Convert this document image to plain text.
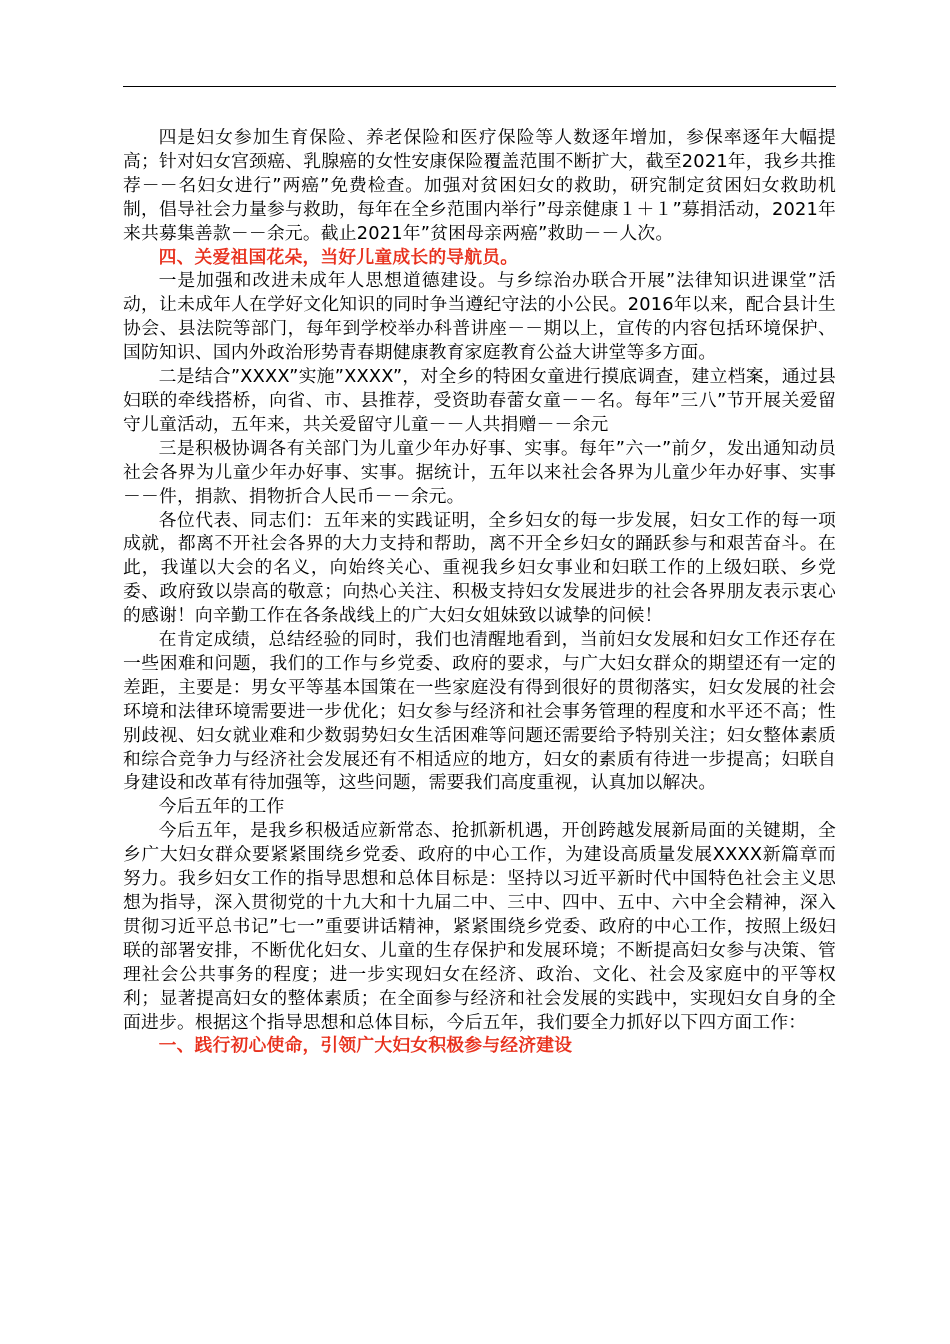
四是妇女参加生育保险、养老保险和医疗保险等人数逐年增加，参保率逐年大幅提高；针对妇女宫颈癌、乳腺癌的女性安康保险覆盖范围不断扩大，截至2021年，我乡共推荐－－名妇女进行”两癌”免费检查。加强对贫困妇女的救助，研究制定贫困妇女救助机制，倡导社会力量参与救助，每年在全乡范围内举行”母亲健康１＋１”募捐活动，2021年来共募集善款－－余元。截止2021年”贫困母亲两癌”救助－－人次。

四、关爱祖国花朵，当好儿童成长的导航员。

一是加强和改进未成年人思想道德建设。与乡综治办联合开展”法律知识进课堂”活动，让未成年人在学好文化知识的同时争当遵纪守法的小公民。2016年以来，配合县计生协会、县法院等部门，每年到学校举办科普讲座－－期以上，宣传的内容包括环境保护、国防知识、国内外政治形势青春期健康教育家庭教育公益大讲堂等多方面。

二是结合”XXXX”实施”XXXX”，对全乡的特困女童进行摸底调查，建立档案，通过县妇联的牵线搭桥，向省、市、县推荐，受资助春蕾女童－－名。每年”三八”节开展关爱留守儿童活动，五年来，共关爱留守儿童－－人共捐赠－－余元

三是积极协调各有关部门为儿童少年办好事、实事。每年”六一”前夕，发出通知动员社会各界为儿童少年办好事、实事。据统计，五年以来社会各界为儿童少年办好事、实事－－件，捐款、捐物折合人民币－－余元。

各位代表、同志们：五年来的实践证明，全乡妇女的每一步发展，妇女工作的每一项成就，都离不开社会各界的大力支持和帮助，离不开全乡妇女的踊跃参与和艰苦奋斗。在此，我谨以大会的名义，向始终关心、重视我乡妇女事业和妇联工作的上级妇联、乡党委、政府致以崇高的敬意；向热心关注、积极支持妇女发展进步的社会各界朋友表示衷心的感谢！向辛勤工作在各条战线上的广大妇女姐妹致以诚挚的问候！

在肯定成绩，总结经验的同时，我们也清醒地看到，当前妇女发展和妇女工作还存在一些困难和问题，我们的工作与乡党委、政府的要求，与广大妇女群众的期望还有一定的差距，主要是：男女平等基本国策在一些家庭没有得到很好的贯彻落实，妇女发展的社会环境和法律环境需要进一步优化；妇女参与经济和社会事务管理的程度和水平还不高；性别歧视、妇女就业难和少数弱势妇女生活困难等问题还需要给予特别关注；妇女整体素质和综合竞争力与经济社会发展还有不相适应的地方，妇女的素质有待进一步提高；妇联自身建设和改革有待加强等，这些问题，需要我们高度重视，认真加以解决。

今后五年的工作

今后五年，是我乡积极适应新常态、抢抓新机遇，开创跨越发展新局面的关键期，全乡广大妇女群众要紧紧围绕乡党委、政府的中心工作，为建设高质量发展XXXX新篇章而努力。我乡妇女工作的指导思想和总体目标是：坚持以习近平新时代中国特色社会主义思想为指导，深入贯彻党的十九大和十九届二中、三中、四中、五中、六中全会精神，深入贯彻习近平总书记”七一”重要讲话精神，紧紧围绕乡党委、政府的中心工作，按照上级妇联的部署安排，不断优化妇女、儿童的生存保护和发展环境；不断提高妇女参与决策、管理社会公共事务的程度；进一步实现妇女在经济、政治、文化、社会及家庭中的平等权利；显著提高妇女的整体素质；在全面参与经济和社会发展的实践中，实现妇女自身的全面进步。根据这个指导思想和总体目标，今后五年，我们要全力抓好以下四方面工作：

一、践行初心使命，引领广大妇女积极参与经济建设
